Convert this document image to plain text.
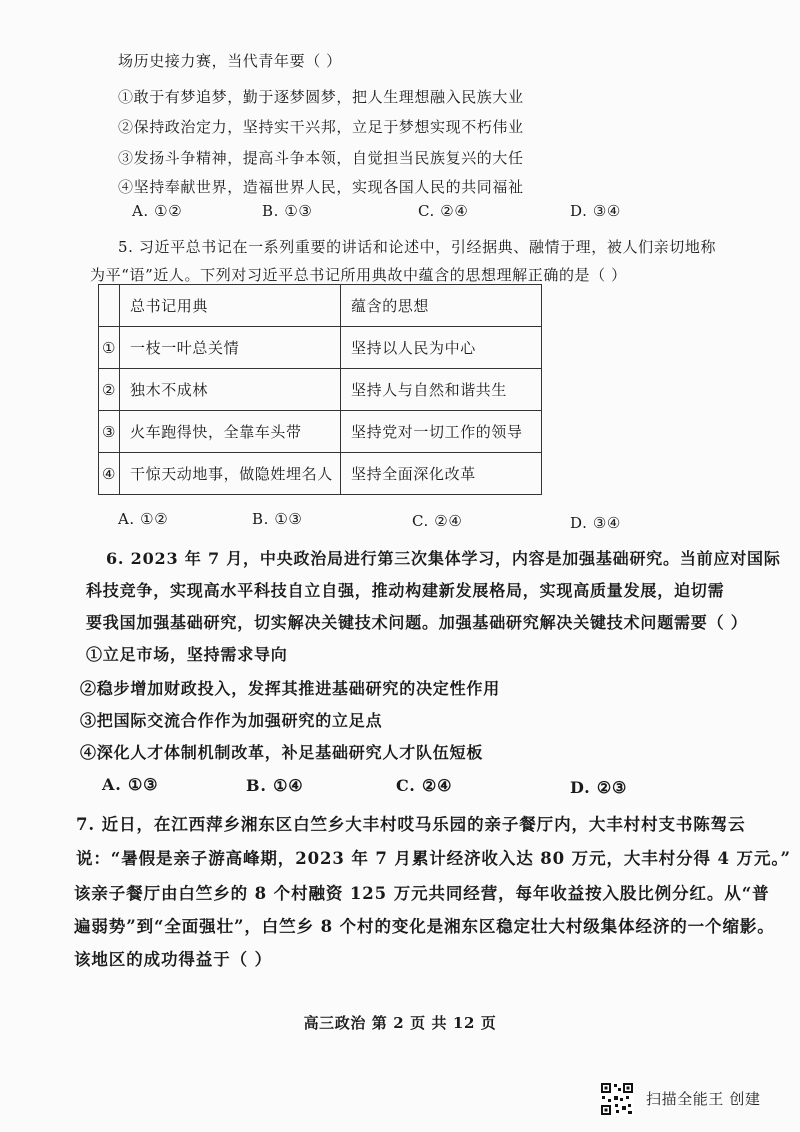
场历史接力赛，当代青年要（ ）
①敢于有梦追梦，勤于逐梦圆梦，把人生理想融入民族大业
②保持政治定力，坚持实干兴邦，立足于梦想实现不朽伟业
③发扬斗争精神，提高斗争本领，自觉担当民族复兴的大任
④坚持奉献世界，造福世界人民，实现各国人民的共同福祉
A. ①②	B. ①③	C. ②④	D. ③④
5. 习近平总书记在一系列重要的讲话和论述中，引经据典、融情于理，被人们亲切地称
为平“语”近人。下列对习近平总书记所用典故中蕴含的思想理解正确的是（ ）
	总书记用典	蕴含的思想
①	一枝一叶总关情	坚持以人民为中心
②	独木不成林	坚持人与自然和谐共生
③	火车跑得快，全靠车头带	坚持党对一切工作的领导
④	干惊天动地事，做隐姓埋名人	坚持全面深化改革
A. ①②	B. ①③	C. ②④	D. ③④
6. 2023 年 7 月，中央政治局进行第三次集体学习，内容是加强基础研究。当前应对国际
科技竞争，实现高水平科技自立自强，推动构建新发展格局，实现高质量发展，迫切需
要我国加强基础研究，切实解决关键技术问题。加强基础研究解决关键技术问题需要（ ）
①立足市场，坚持需求导向
②稳步增加财政投入，发挥其推进基础研究的决定性作用
③把国际交流合作作为加强研究的立足点
④深化人才体制机制改革，补足基础研究人才队伍短板
A. ①③	B. ①④	C. ②④	D. ②③
7. 近日，在江西萍乡湘东区白竺乡大丰村哎马乐园的亲子餐厅内，大丰村村支书陈驾云
说：“暑假是亲子游高峰期，2023 年 7 月累计经济收入达 80 万元，大丰村分得 4 万元。”
该亲子餐厅由白竺乡的 8 个村融资 125 万元共同经营，每年收益按入股比例分红。从“普
遍弱势”到“全面强壮”，白竺乡 8 个村的变化是湘东区稳定壮大村级集体经济的一个缩影。
该地区的成功得益于（ ）
高三政治 第 2 页 共 12 页
扫描全能王 创建
